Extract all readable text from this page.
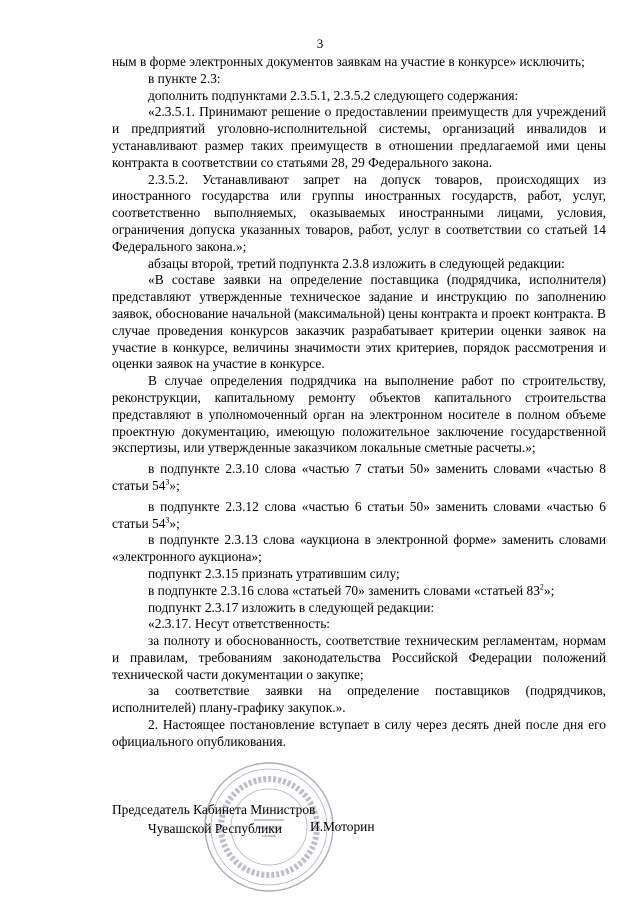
3

ным в форме электронных документов заявкам на участие в конкурсе» исключить;

в пункте 2.3:

дополнить подпунктами 2.3.5.1, 2.3.5.2 следующего содержания:

«2.3.5.1. Принимают решение о предоставлении преимуществ для учреждений и предприятий уголовно-исполнительной системы, организаций инвалидов и устанавливают размер таких преимуществ в отношении предлагаемой ими цены контракта в соответствии со статьями 28, 29 Федерального закона.

2.3.5.2. Устанавливают запрет на допуск товаров, происходящих из иностранного государства или группы иностранных государств, работ, услуг, соответственно выполняемых, оказываемых иностранными лицами, условия, ограничения допуска указанных товаров, работ, услуг в соответствии со статьей 14 Федерального закона.»;

абзацы второй, третий подпункта 2.3.8 изложить в следующей редакции:

«В составе заявки на определение поставщика (подрядчика, исполнителя) представляют утвержденные техническое задание и инструкцию по заполнению заявок, обоснование начальной (максимальной) цены контракта и проект контракта. В случае проведения конкурсов заказчик разрабатывает критерии оценки заявок на участие в конкурсе, величины значимости этих критериев, порядок рассмотрения и оценки заявок на участие в конкурсе.

В случае определения подрядчика на выполнение работ по строительству, реконструкции, капитальному ремонту объектов капитального строительства представляют в уполномоченный орган на электронном носителе в полном объеме проектную документацию, имеющую положительное заключение государственной экспертизы, или утвержденные заказчиком локальные сметные расчеты.»;

в подпункте 2.3.10 слова «частью 7 статьи 50» заменить словами «частью 8 статьи $54^3$»;

в подпункте 2.3.12 слова «частью 6 статьи 50» заменить словами «частью 6 статьи $54^3$»;

в подпункте 2.3.13 слова «аукциона в электронной форме» заменить словами «электронного аукциона»;

подпункт 2.3.15 признать утратившим силу;

в подпункте 2.3.16 слова «статьей 70» заменить словами «статьей $83^2$»;

подпункт 2.3.17 изложить в следующей редакции:

«2.3.17. Несут ответственность:

за полноту и обоснованность, соответствие техническим регламентам, нормам и правилам, требованиям законодательства Российской Федерации положений технической части документации о закупке;

за соответствие заявки на определение поставщиков (подрядчиков, исполнителей) плану-графику закупок.».

2. Настоящее постановление вступает в силу через десять дней после дня его официального опубликования.

Председатель Кабинета Министров
Чувашской Республики	И.Моторин
